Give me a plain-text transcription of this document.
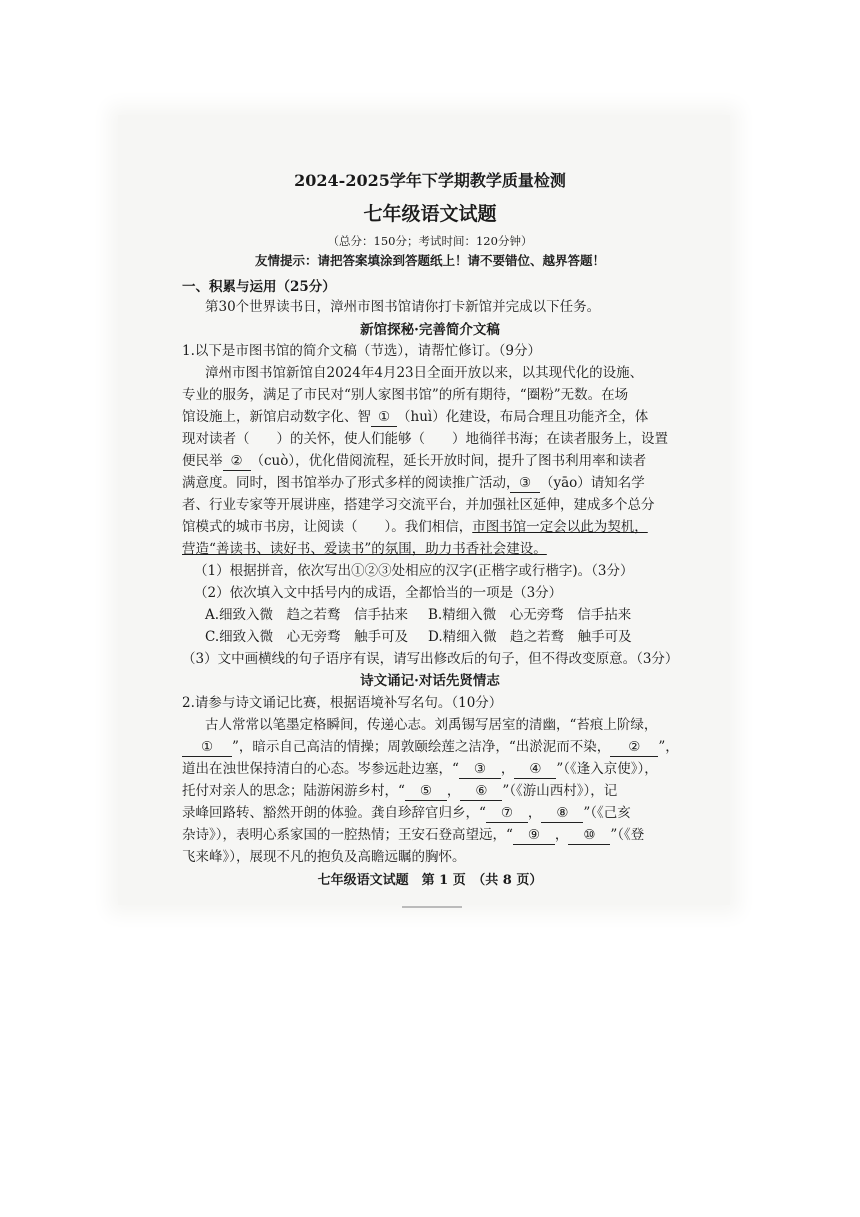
2024-2025学年下学期教学质量检测
七年级语文试题
（总分：150分；考试时间：120分钟）
友情提示：请把答案填涂到答题纸上！请不要错位、越界答题！
一、积累与运用（25分）
第30个世界读书日，漳州市图书馆请你打卡新馆并完成以下任务。
新馆探秘·完善简介文稿
1.以下是市图书馆的简介文稿（节选），请帮忙修订。（9分）
漳州市图书馆新馆自2024年4月23日全面开放以来，以其现代化的设施、
专业的服务，满足了市民对“别人家图书馆”的所有期待，“圈粉”无数。在场
馆设施上，新馆启动数字化、智 ① （huì）化建设，布局合理且功能齐全，体
现对读者（　　）的关怀，使人们能够（　　）地徜徉书海；在读者服务上，设置
便民举 ② （cuò），优化借阅流程，延长开放时间，提升了图书利用率和读者
满意度。同时，图书馆举办了形式多样的阅读推广活动， ③ （yāo）请知名学
者、行业专家等开展讲座，搭建学习交流平台，并加强社区延伸，建成多个总分
馆模式的城市书房，让阅读（　　）。我们相信，市图书馆一定会以此为契机，
营造“善读书、读好书、爱读书”的氛围，助力书香社会建设。
（1）根据拼音，依次写出①②③处相应的汉字(正楷字或行楷字)。（3分）
（2）依次填入文中括号内的成语，全都恰当的一项是（3分）
A.细致入微　趋之若鹜　信手拈来 B.精细入微　心无旁骛　信手拈来
C.细致入微　心无旁骛　触手可及 D.精细入微　趋之若鹜　触手可及
（3）文中画横线的句子语序有误，请写出修改后的句子，但不得改变原意。（3分）
诗文诵记·对话先贤情志
2.请参与诗文诵记比赛，根据语境补写名句。（10分）
古人常常以笔墨定格瞬间，传递心志。刘禹锡写居室的清幽，“苔痕上阶绿，
① ”，暗示自己高洁的情操；周敦颐绘莲之洁净，“出淤泥而不染， ② ”，
道出在浊世保持清白的心态。岑参远赴边塞，“ ③ ， ④ ”（《逢入京使》），
托付对亲人的思念；陆游闲游乡村，“ ⑤ ， ⑥ ”（《游山西村》），记
录峰回路转、豁然开朗的体验。龚自珍辞官归乡，“ ⑦ ， ⑧ ”（《己亥
杂诗》），表明心系家国的一腔热情；王安石登高望远，“ ⑨ ， ⑩ ”（《登
飞来峰》），展现不凡的抱负及高瞻远瞩的胸怀。
七年级语文试题　第 1 页　（共 8 页）
